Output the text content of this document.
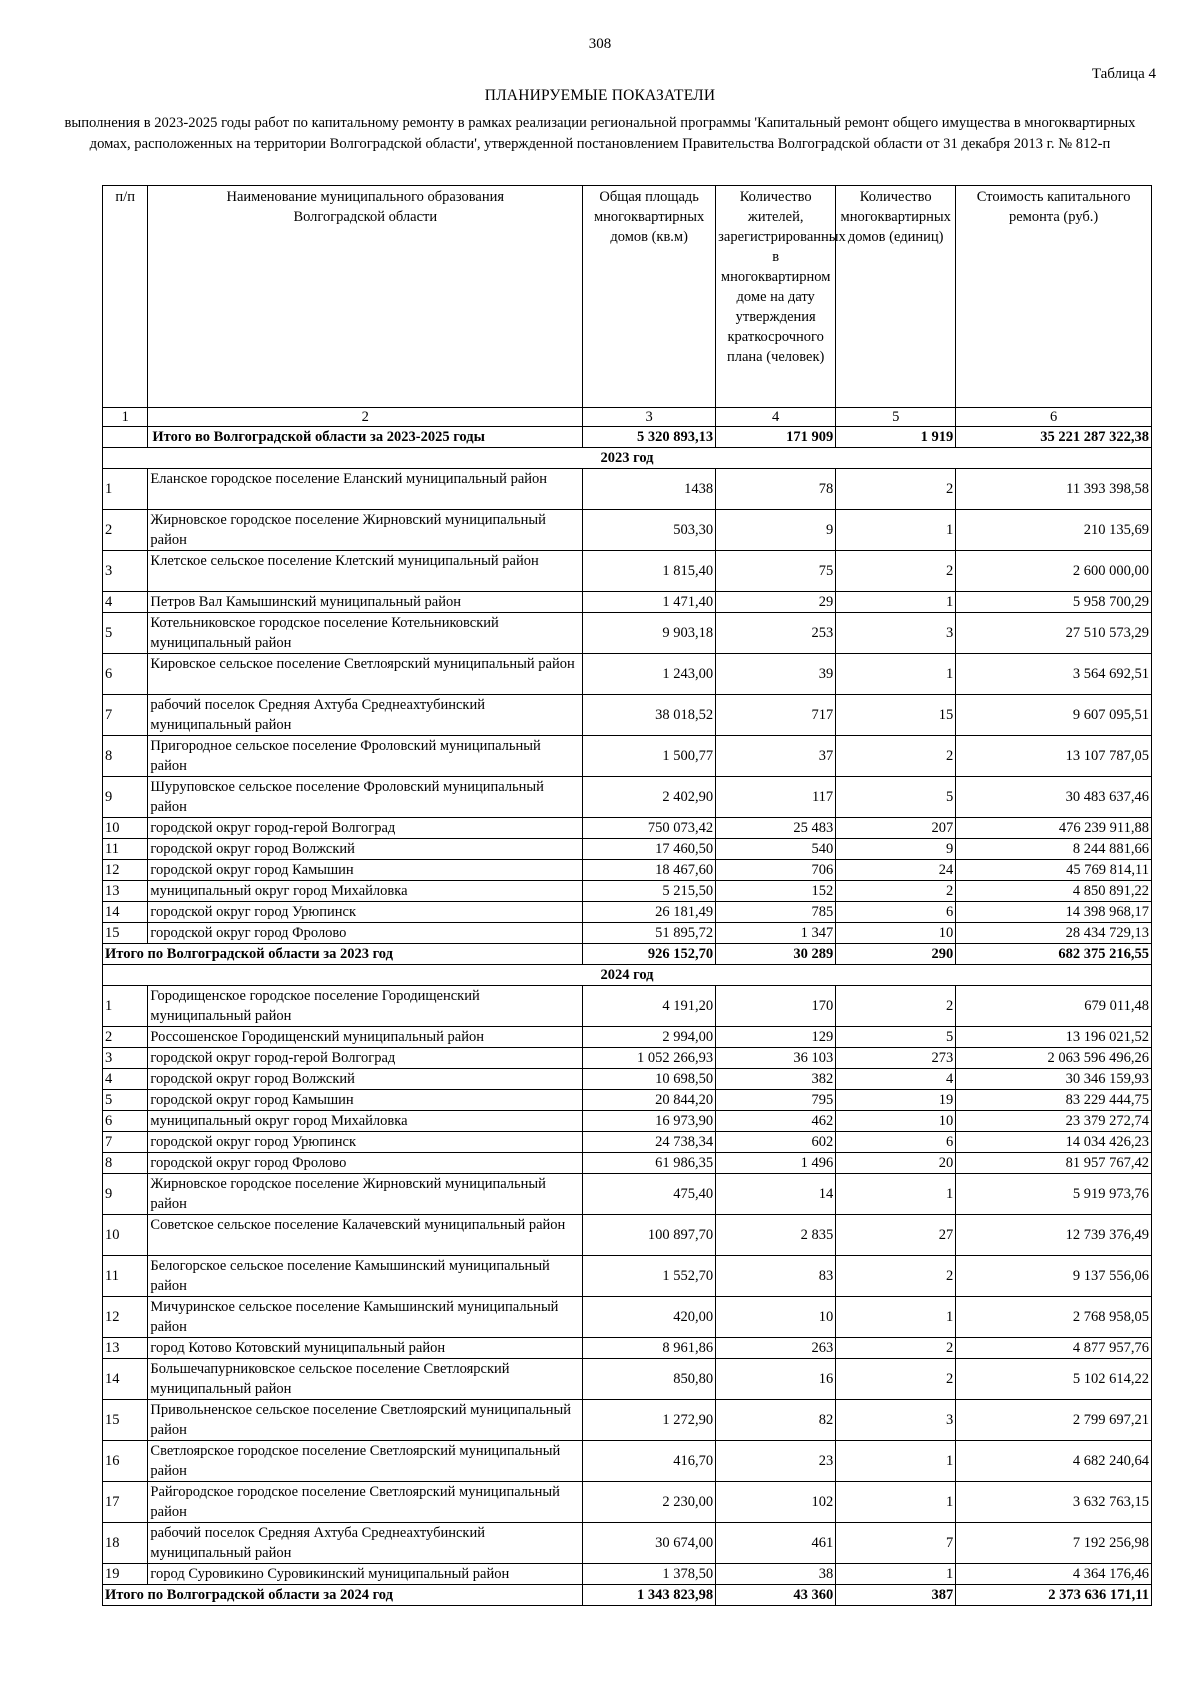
308
Таблица 4
ПЛАНИРУЕМЫЕ ПОКАЗАТЕЛИ
выполнения в 2023-2025 годы работ по капитальному ремонту в рамках реализации региональной программы 'Капитальный ремонт общего имущества в многоквартирных домах, расположенных на территории Волгоградской области', утвержденной постановлением Правительства Волгоградской области от 31 декабря 2013 г. № 812-п
п/п	Наименование муниципального образования Волгоградской области	Общая площадь многоквартирных домов (кв.м)	Количество жителей, зарегистрированных в многоквартирном доме на дату утверждения краткосрочного плана (человек)	Количество многоквартирных домов (единиц)	Стоимость капитального ремонта (руб.)
1	2	3	4	5	6
	Итого во Волгоградской области за 2023-2025 годы	5 320 893,13	171 909	1 919	35 221 287 322,38
2023 год					
1	Еланское городское поселение Еланский муниципальный район	1438	78	2	11 393 398,58
2	Жирновское городское поселение Жирновский муниципальный район	503,30	9	1	210 135,69
3	Клетское сельское поселение Клетский муниципальный район	1 815,40	75	2	2 600 000,00
4	Петров Вал Камышинский муниципальный район	1 471,40	29	1	5 958 700,29
5	Котельниковское городское поселение Котельниковский муниципальный район	9 903,18	253	3	27 510 573,29
6	Кировское сельское поселение Светлоярский муниципальный район	1 243,00	39	1	3 564 692,51
7	рабочий поселок Средняя Ахтуба Среднеахтубинский муниципальный район	38 018,52	717	15	9 607 095,51
8	Пригородное сельское поселение Фроловский муниципальный район	1 500,77	37	2	13 107 787,05
9	Шуруповское сельское поселение Фроловский муниципальный район	2 402,90	117	5	30 483 637,46
10	городской округ город-герой Волгоград	750 073,42	25 483	207	476 239 911,88
11	городской округ город Волжский	17 460,50	540	9	8 244 881,66
12	городской округ город Камышин	18 467,60	706	24	45 769 814,11
13	муниципальный округ город Михайловка	5 215,50	152	2	4 850 891,22
14	городской округ город Урюпинск	26 181,49	785	6	14 398 968,17
15	городской округ город Фролово	51 895,72	1 347	10	28 434 729,13
Итого по Волгоградской области за 2023 год		926 152,70	30 289	290	682 375 216,55
2024 год					
1	Городищенское городское поселение Городищенский муниципальный район	4 191,20	170	2	679 011,48
2	Россошенское Городищенский муниципальный район	2 994,00	129	5	13 196 021,52
3	городской округ город-герой Волгоград	1 052 266,93	36 103	273	2 063 596 496,26
4	городской округ город Волжский	10 698,50	382	4	30 346 159,93
5	городской округ город Камышин	20 844,20	795	19	83 229 444,75
6	муниципальный округ город Михайловка	16 973,90	462	10	23 379 272,74
7	городской округ город Урюпинск	24 738,34	602	6	14 034 426,23
8	городской округ город Фролово	61 986,35	1 496	20	81 957 767,42
9	Жирновское городское поселение Жирновский муниципальный район	475,40	14	1	5 919 973,76
10	Советское сельское поселение Калачевский муниципальный район	100 897,70	2 835	27	12 739 376,49
11	Белогорское сельское поселение Камышинский муниципальный район	1 552,70	83	2	9 137 556,06
12	Мичуринское сельское поселение Камышинский муниципальный район	420,00	10	1	2 768 958,05
13	город Котово Котовский муниципальный район	8 961,86	263	2	4 877 957,76
14	Большечапурниковское сельское поселение Светлоярский муниципальный район	850,80	16	2	5 102 614,22
15	Привольненское сельское поселение Светлоярский муниципальный район	1 272,90	82	3	2 799 697,21
16	Светлоярское городское поселение Светлоярский муниципальный район	416,70	23	1	4 682 240,64
17	Райгородское городское поселение Светлоярский муниципальный район	2 230,00	102	1	3 632 763,15
18	рабочий поселок Средняя Ахтуба Среднеахтубинский муниципальный район	30 674,00	461	7	7 192 256,98
19	город Суровикино Суровикинский муниципальный район	1 378,50	38	1	4 364 176,46
Итого по Волгоградской области за 2024 год		1 343 823,98	43 360	387	2 373 636 171,11
